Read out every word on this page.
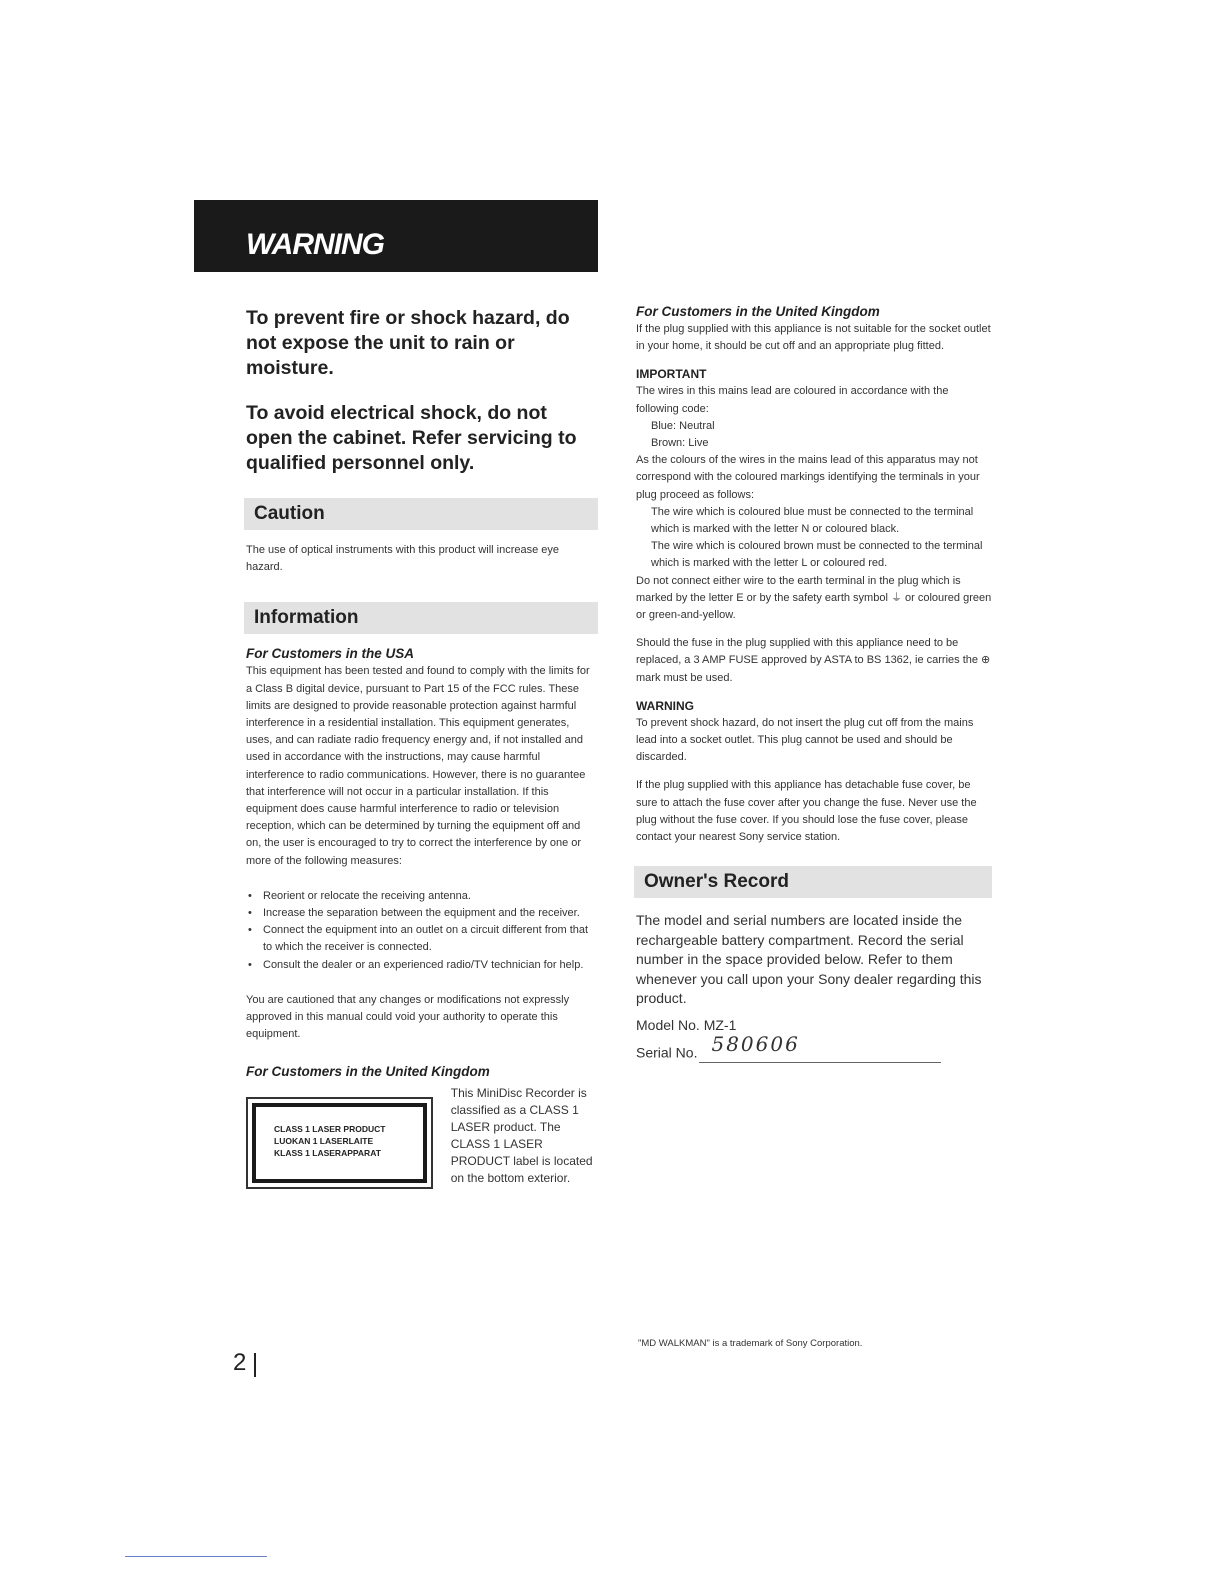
WARNING

To prevent fire or shock hazard, do not expose the unit to rain or moisture.

To avoid electrical shock, do not open the cabinet. Refer servicing to qualified personnel only.

Caution

The use of optical instruments with this product will increase eye hazard.

Information

For Customers in the USA

This equipment has been tested and found to comply with the limits for a Class B digital device, pursuant to Part 15 of the FCC rules. These limits are designed to provide reasonable protection against harmful interference in a residential installation. This equipment generates, uses, and can radiate radio frequency energy and, if not installed and used in accordance with the instructions, may cause harmful interference to radio communications. However, there is no guarantee that interference will not occur in a particular installation. If this equipment does cause harmful interference to radio or television reception, which can be determined by turning the equipment off and on, the user is encouraged to try to correct the interference by one or more of the following measures:

• Reorient or relocate the receiving antenna.
• Increase the separation between the equipment and the receiver.
• Connect the equipment into an outlet on a circuit different from that to which the receiver is connected.
• Consult the dealer or an experienced radio/TV technician for help.

You are cautioned that any changes or modifications not expressly approved in this manual could void your authority to operate this equipment.

For Customers in the United Kingdom

CLASS 1 LASER PRODUCT
LUOKAN 1 LASERLAITE
KLASS 1 LASERAPPARAT

This MiniDisc Recorder is classified as a CLASS 1 LASER product. The CLASS 1 LASER PRODUCT label is located on the bottom exterior.

For Customers in the United Kingdom

If the plug supplied with this appliance is not suitable for the socket outlet in your home, it should be cut off and an appropriate plug fitted.

IMPORTANT

The wires in this mains lead are coloured in accordance with the following code:

Blue: Neutral

Brown: Live

As the colours of the wires in the mains lead of this apparatus may not correspond with the coloured markings identifying the terminals in your plug proceed as follows:

The wire which is coloured blue must be connected to the terminal which is marked with the letter N or coloured black.

The wire which is coloured brown must be connected to the terminal which is marked with the letter L or coloured red.

Do not connect either wire to the earth terminal in the plug which is marked by the letter E or by the safety earth symbol ⏚ or coloured green or green-and-yellow.

Should the fuse in the plug supplied with this appliance need to be replaced, a 3 AMP FUSE approved by ASTA to BS 1362, ie carries the ⊕ mark must be used.

WARNING

To prevent shock hazard, do not insert the plug cut off from the mains lead into a socket outlet. This plug cannot be used and should be discarded.

If the plug supplied with this appliance has detachable fuse cover, be sure to attach the fuse cover after you change the fuse. Never use the plug without the fuse cover. If you should lose the fuse cover, please contact your nearest Sony service station.

Owner's Record

The model and serial numbers are located inside the rechargeable battery compartment. Record the serial number in the space provided below. Refer to them whenever you call upon your Sony dealer regarding this product.

Model No. MZ-1

Serial No. 580606

"MD WALKMAN" is a trademark of Sony Corporation.
2
